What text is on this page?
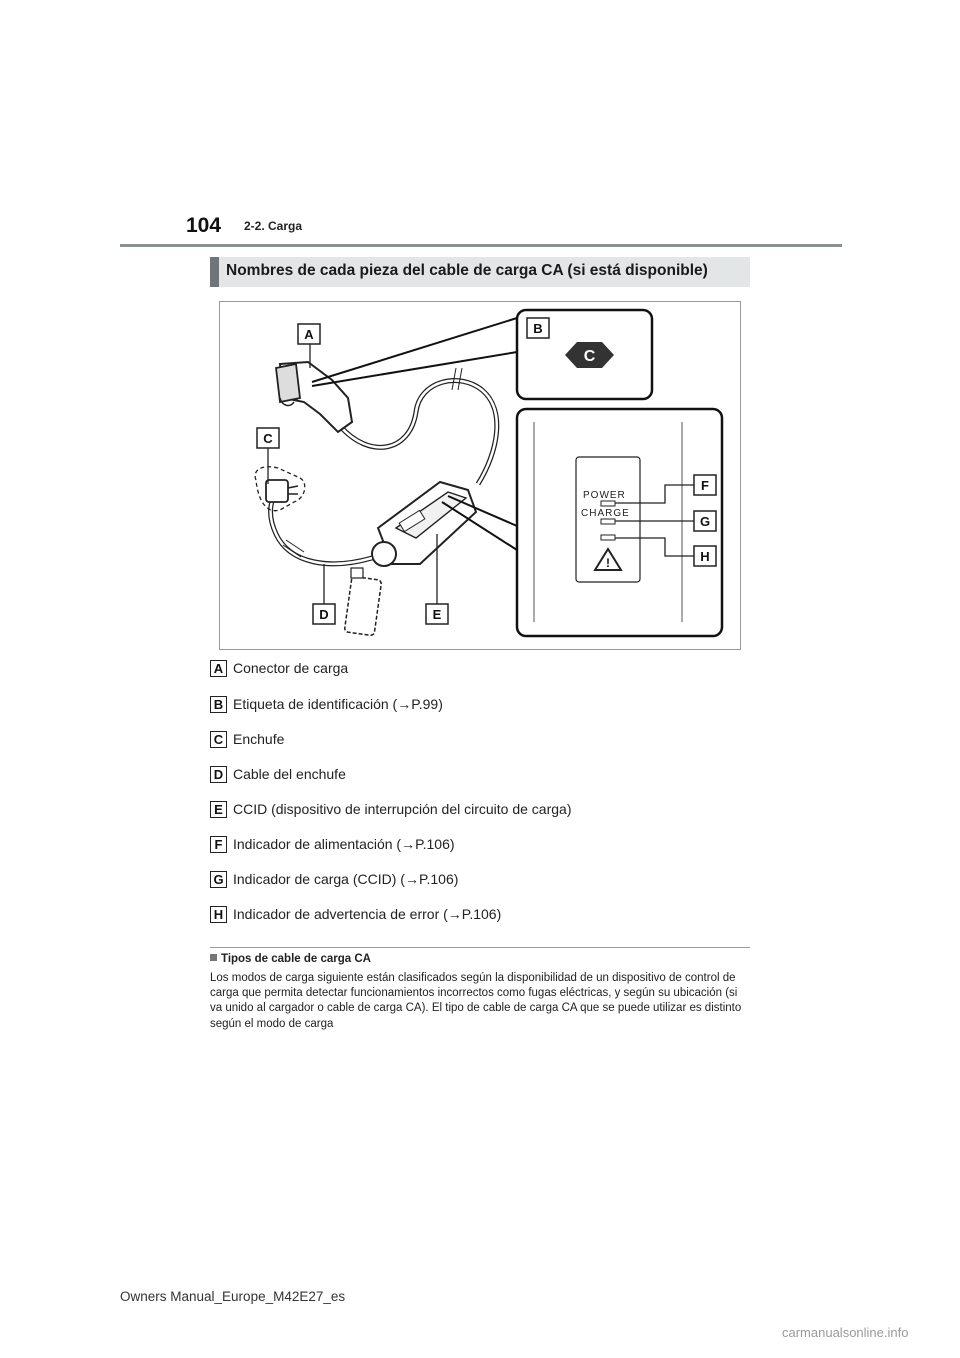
104 2-2. Carga
Nombres de cada pieza del cable de carga CA (si está disponible)
C
POWER
CHARGE
!
A	B
C
D	E
F
G
H
A Conector de carga
B Etiqueta de identificación (→P.99)
C Enchufe
D Cable del enchufe
E CCID (dispositivo de interrupción del circuito de carga)
F Indicador de alimentación (→P.106)
G Indicador de carga (CCID) (→P.106)
H Indicador de advertencia de error (→P.106)
Tipos de cable de carga CA
Los modos de carga siguiente están clasificados según la disponibilidad de un dispositivo de control de carga que permita detectar funcionamientos incorrectos como fugas eléctricas, y según su ubicación (si va unido al cargador o cable de carga CA). El tipo de cable de carga CA que se puede utilizar es distinto según el modo de carga
Owners Manual_Europe_M42E27_es
carmanualsonline.info
